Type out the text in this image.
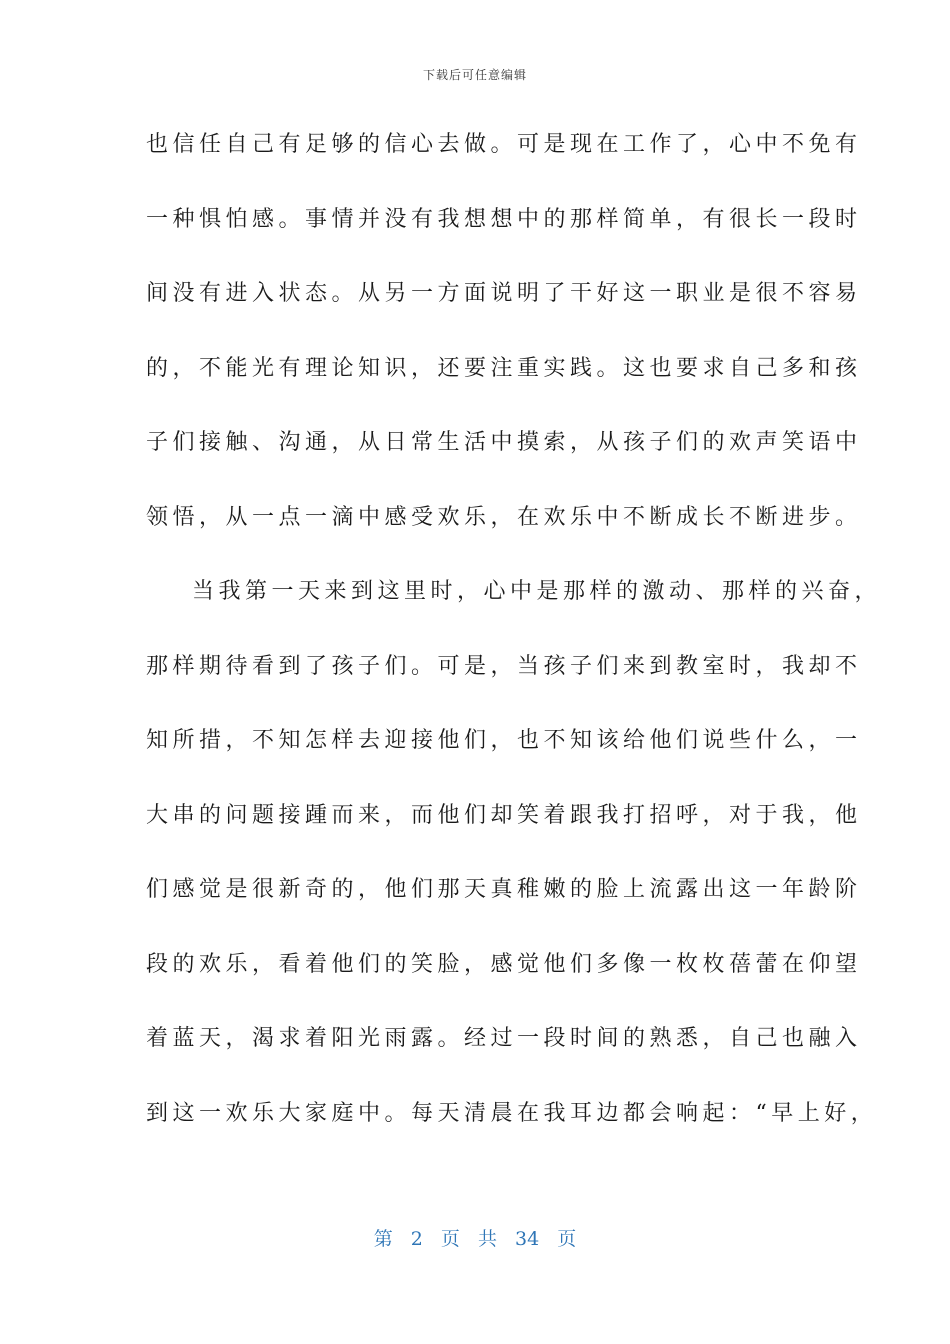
下载后可任意编辑
也信任自己有足够的信心去做。可是现在工作了，心中不免有
一种惧怕感。事情并没有我想想中的那样简单，有很长一段时
间没有进入状态。从另一方面说明了干好这一职业是很不容易
的，不能光有理论知识，还要注重实践。这也要求自己多和孩
子们接触、沟通，从日常生活中摸索，从孩子们的欢声笑语中
领悟，从一点一滴中感受欢乐，在欢乐中不断成长不断进步。
当我第一天来到这里时，心中是那样的激动、那样的兴奋，
那样期待看到了孩子们。可是，当孩子们来到教室时，我却不
知所措，不知怎样去迎接他们，也不知该给他们说些什么，一
大串的问题接踵而来，而他们却笑着跟我打招呼，对于我，他
们感觉是很新奇的，他们那天真稚嫩的脸上流露出这一年龄阶
段的欢乐，看着他们的笑脸，感觉他们多像一枚枚蓓蕾在仰望
着蓝天，渴求着阳光雨露。经过一段时间的熟悉，自己也融入
到这一欢乐大家庭中。每天清晨在我耳边都会响起：“早上好，
第 2 页 共 34 页
